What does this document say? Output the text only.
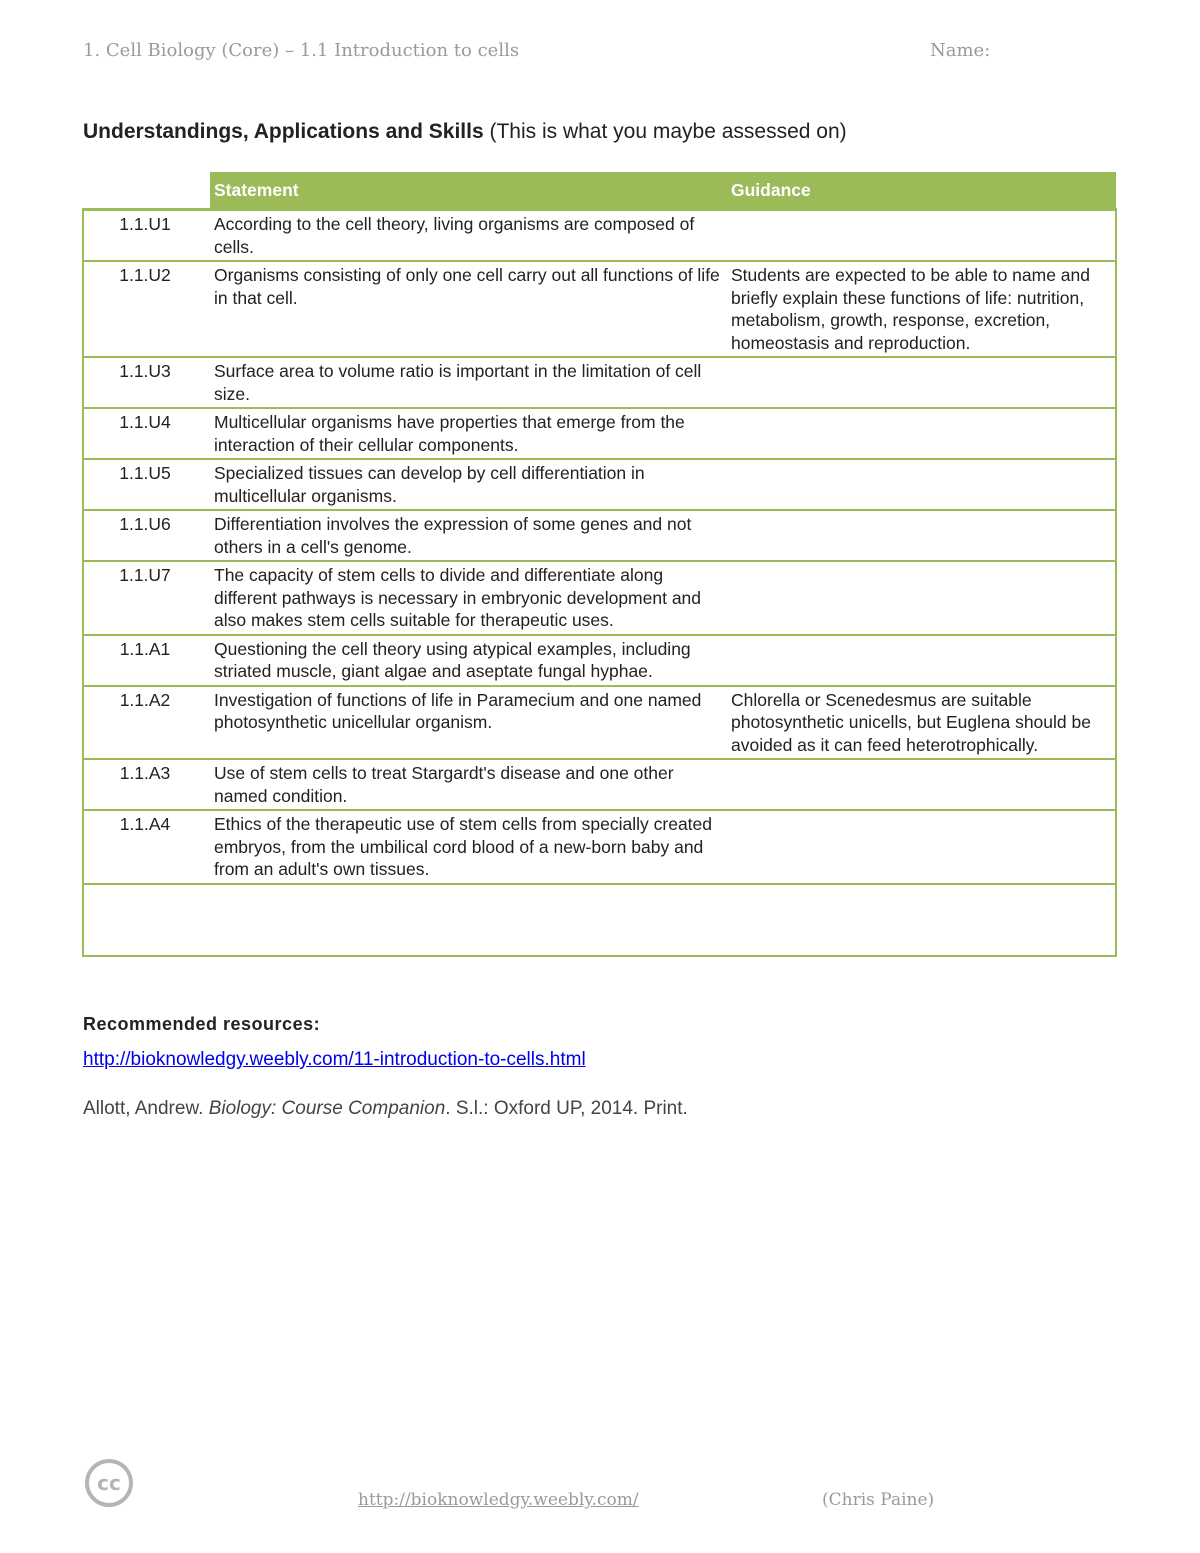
1. Cell Biology (Core) – 1.1 Introduction to cells	Name:
Understandings, Applications and Skills (This is what you maybe assessed on)
	Statement	Guidance
1.1.U1	According to the cell theory, living organisms are composed of cells.	
1.1.U2	Organisms consisting of only one cell carry out all functions of life in that cell.	Students are expected to be able to name and briefly explain these functions of life: nutrition, metabolism, growth, response, excretion, homeostasis and reproduction.
1.1.U3	Surface area to volume ratio is important in the limitation of cell size.	
1.1.U4	Multicellular organisms have properties that emerge from the interaction of their cellular components.	
1.1.U5	Specialized tissues can develop by cell differentiation in multicellular organisms.	
1.1.U6	Differentiation involves the expression of some genes and not others in a cell's genome.	
1.1.U7	The capacity of stem cells to divide and differentiate along different pathways is necessary in embryonic development and also makes stem cells suitable for therapeutic uses.	
1.1.A1	Questioning the cell theory using atypical examples, including striated muscle, giant algae and aseptate fungal hyphae.	
1.1.A2	Investigation of functions of life in Paramecium and one named photosynthetic unicellular organism.	Chlorella or Scenedesmus are suitable photosynthetic unicells, but Euglena should be avoided as it can feed heterotrophically.
1.1.A3	Use of stem cells to treat Stargardt's disease and one other named condition.	
1.1.A4	Ethics of the therapeutic use of stem cells from specially created embryos, from the umbilical cord blood of a new-born baby and from an adult's own tissues.	

Recommended resources:
http://bioknowledgy.weebly.com/11-introduction-to-cells.html
Allott, Andrew. Biology: Course Companion. S.l.: Oxford UP, 2014. Print.
cc
http://bioknowledgy.weebly.com/	(Chris Paine)
